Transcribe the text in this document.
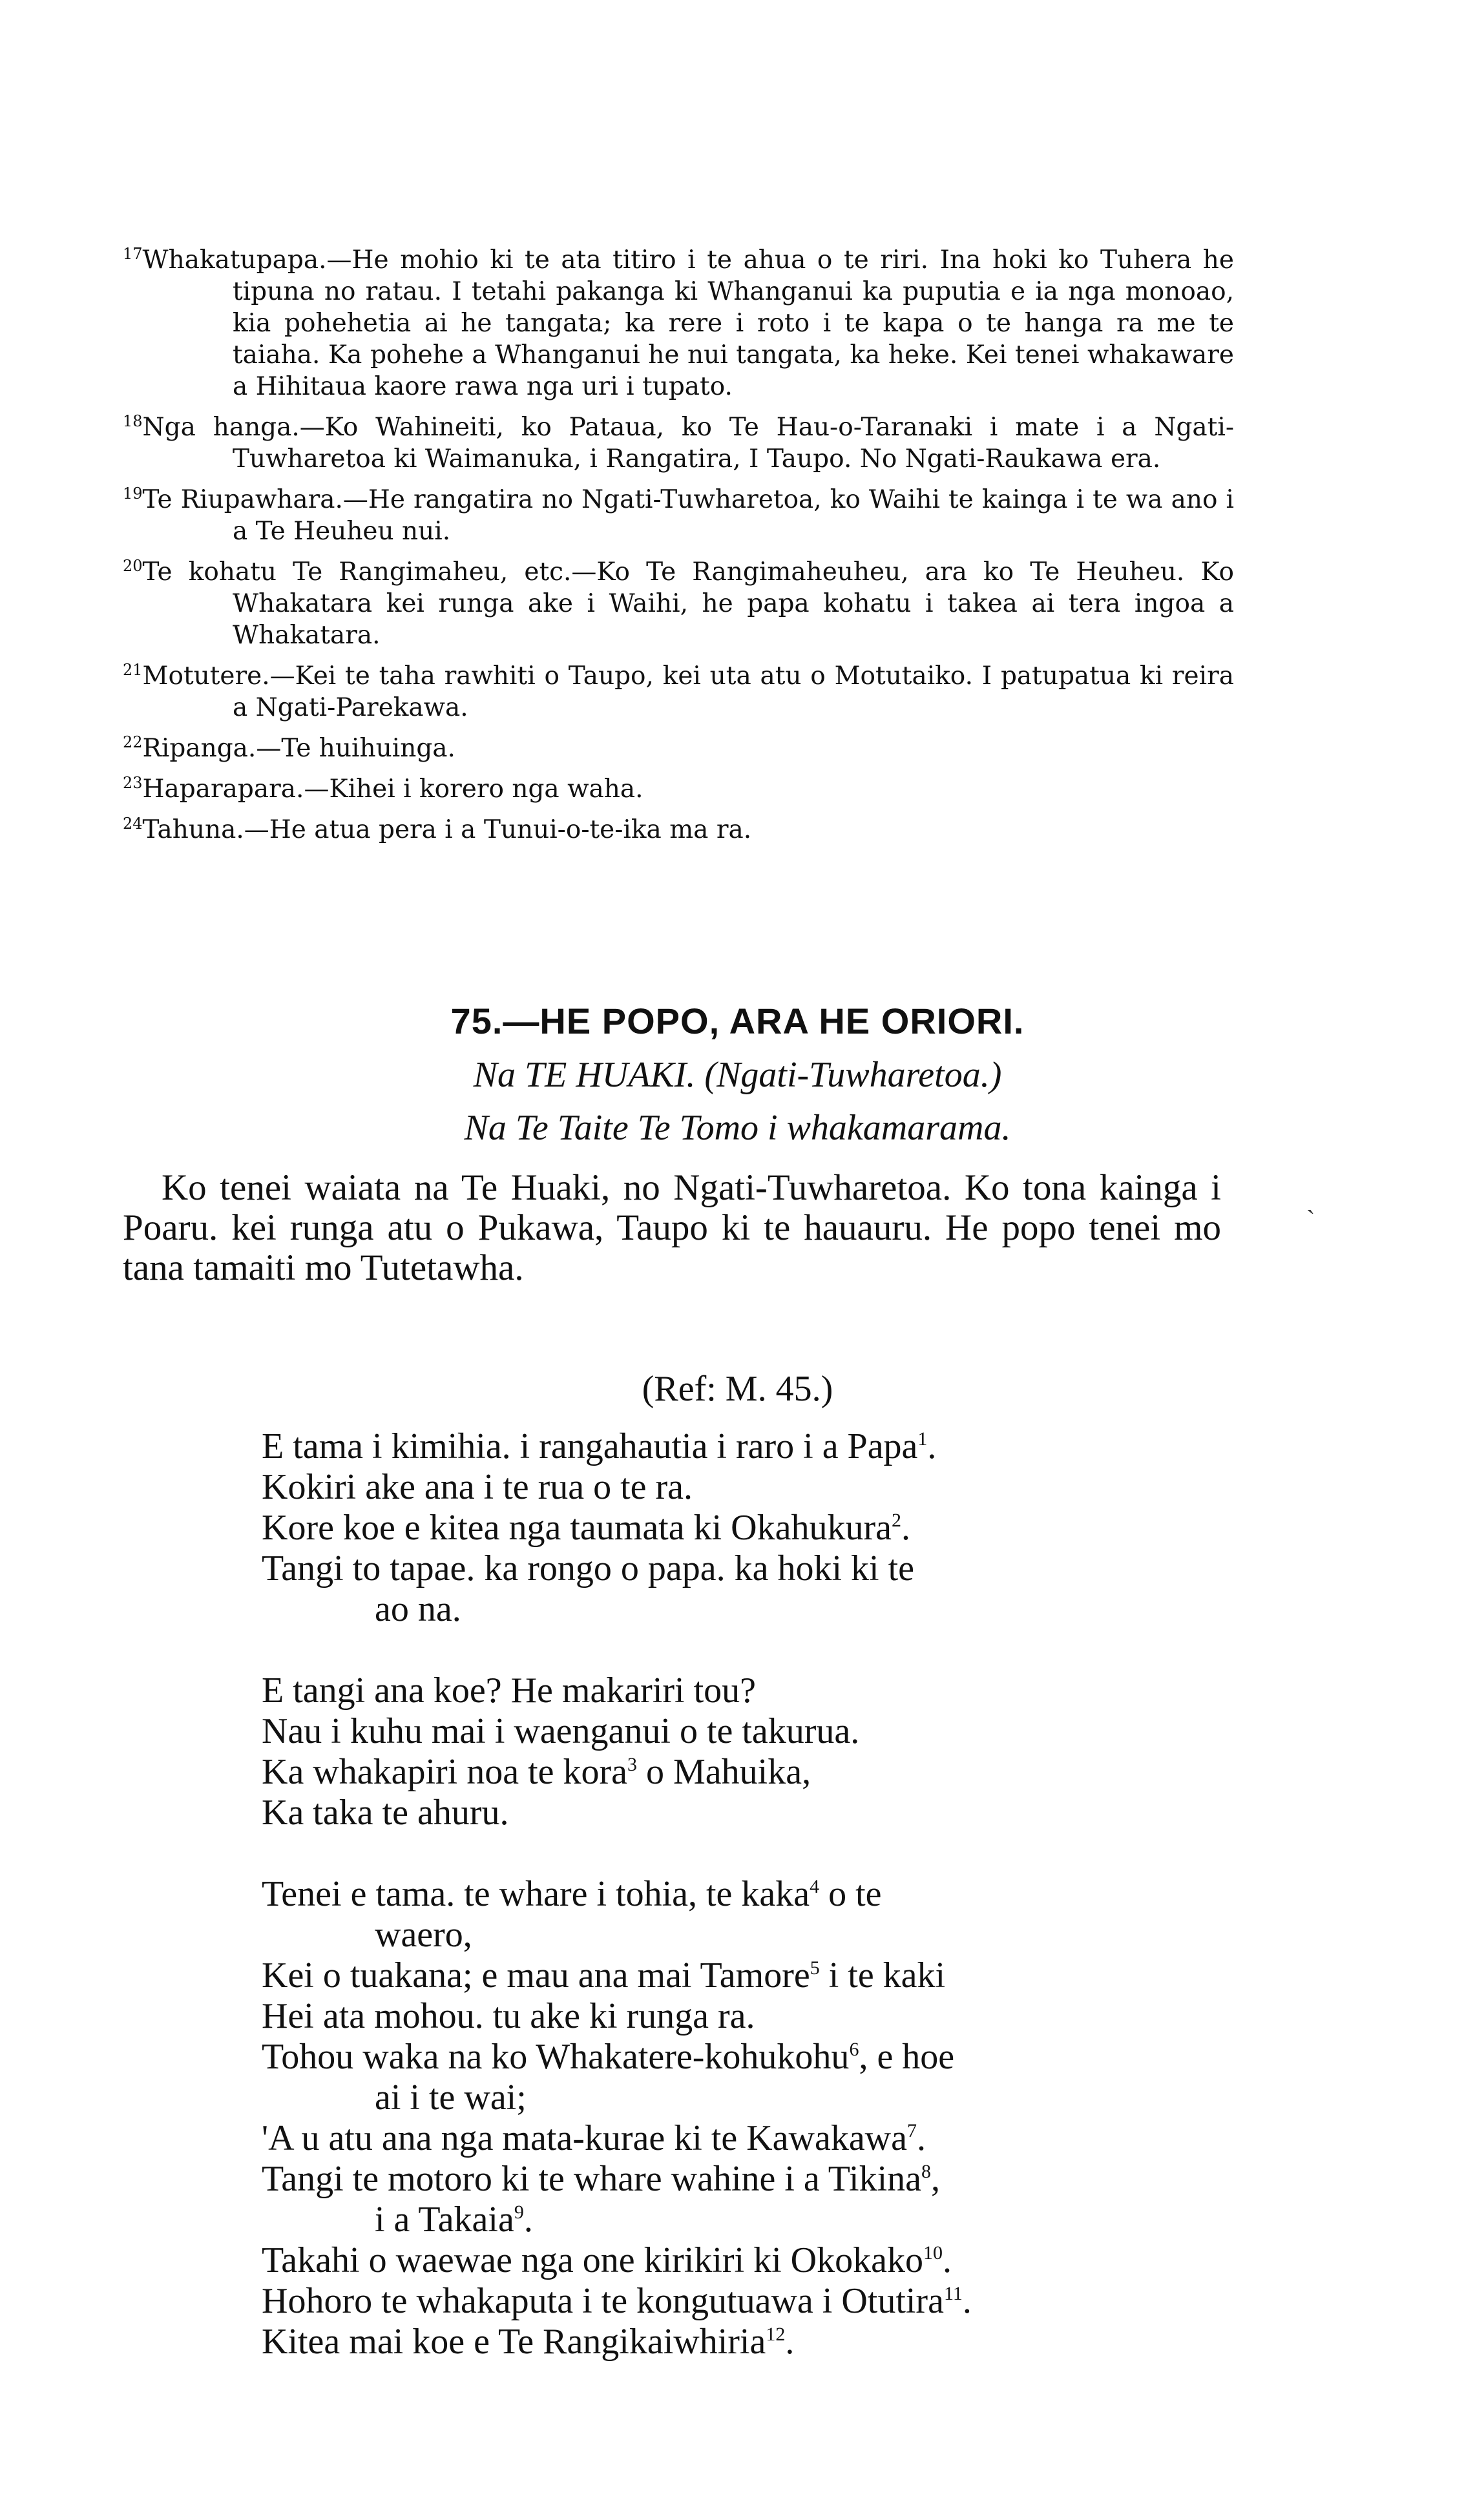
$^{17}$Whakatupapa.—He mohio ki te ata titiro i te ahua o te riri. Ina hoki ko Tuhera he tipuna no ratau. I tetahi pakanga ki Whanganui ka puputia e ia nga monoao, kia pohehetia ai he tangata; ka rere i roto i te kapa o te hanga ra me te taiaha. Ka pohehe a Whanganui he nui tangata, ka heke. Kei tenei whakaware a Hihitaua kaore rawa nga uri i tupato.
$^{18}$Nga hanga.—Ko Wahineiti, ko Pataua, ko Te Hau-o-Taranaki i mate i a Ngati-Tuwharetoa ki Waimanuka, i Rangatira, I Taupo. No Ngati-Raukawa era.
$^{19}$Te Riupawhara.—He rangatira no Ngati-Tuwharetoa, ko Waihi te kainga i te wa ano i a Te Heuheu nui.
$^{20}$Te kohatu Te Rangimaheu, etc.—Ko Te Rangimaheuheu, ara ko Te Heuheu. Ko Whakatara kei runga ake i Waihi, he papa kohatu i takea ai tera ingoa a Whakatara.
$^{21}$Motutere.—Kei te taha rawhiti o Taupo, kei uta atu o Motutaiko. I patupatua ki reira a Ngati-Parekawa.
$^{22}$Ripanga.—Te huihuinga.
$^{23}$Haparapara.—Kihei i korero nga waha.
$^{24}$Tahuna.—He atua pera i a Tunui-o-te-ika ma ra.
75.—HE POPO, ARA HE ORIORI.
Na TE HUAKI. (Ngati-Tuwharetoa.)
Na Te Taite Te Tomo i whakamarama.

Ko tenei waiata na Te Huaki, no Ngati-Tuwharetoa. Ko tona kainga i Poaru. kei runga atu o Pukawa, Taupo ki te hauauru. He popo tenei mo tana tamaiti mo Tutetawha.

`
(Ref: M. 45.)
E tama i kimihia. i rangahautia i raro i a Papa$^1$.
Kokiri ake ana i te rua o te ra.
Kore koe e kitea nga taumata ki Okahukura$^2$.
Tangi to tapae. ka rongo o papa. ka hoki ki te
ao na.
E tangi ana koe? He makariri tou?
Nau i kuhu mai i waenganui o te takurua.
Ka whakapiri noa te kora$^3$ o Mahuika,
Ka taka te ahuru.
Tenei e tama. te whare i tohia, te kaka$^4$ o te
waero,
Kei o tuakana; e mau ana mai Tamore$^5$ i te kaki
Hei ata mohou. tu ake ki runga ra.
Tohou waka na ko Whakatere-kohukohu$^6$, e hoe
ai i te wai;
'A u atu ana nga mata-kurae ki te Kawakawa$^7$.
Tangi te motoro ki te whare wahine i a Tikina$^8$,
i a Takaia$^9$.
Takahi o waewae nga one kirikiri ki Okokako$^{10}$.
Hohoro te whakaputa i te kongutuawa i Otutira$^{11}$.
Kitea mai koe e Te Rangikaiwhiria$^{12}$.
